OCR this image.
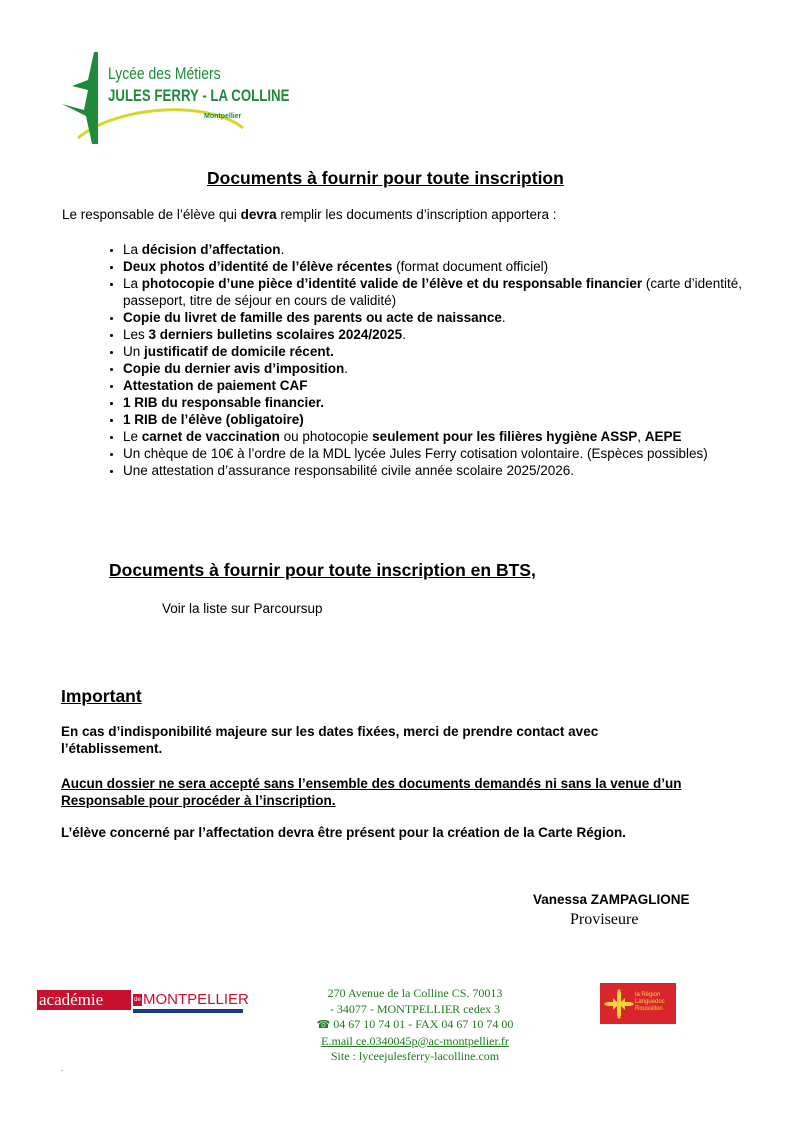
Lycée des Métiers
JULES FERRY - LA COLLINE
Montpellier
Documents à fournir pour toute inscription
Le responsable de l’élève qui devra remplir les documents d’inscription apportera :
• La décision d’affectation.
• Deux photos d’identité de l’élève récentes (format document officiel)
• La photocopie d’une pièce d’identité valide de l’élève et du responsable financier (carte d’identité, passeport, titre de séjour en cours de validité)
• Copie du livret de famille des parents ou acte de naissance.
• Les 3 derniers bulletins scolaires 2024/2025.
• Un justificatif de domicile récent.
• Copie du dernier avis d’imposition.
• Attestation de paiement CAF
• 1 RIB du responsable financier.
• 1 RIB de l’élève (obligatoire)
• Le carnet de vaccination ou photocopie seulement pour les filières hygiène ASSP, AEPE
• Un chèque de 10€ à l’ordre de la MDL lycée Jules Ferry cotisation volontaire. (Espèces possibles)
• Une attestation d’assurance responsabilité civile année scolaire 2025/2026.
Documents à fournir pour toute inscription en BTS,
Voir la liste sur Parcoursup
Important
En cas d’indisponibilité majeure sur les dates fixées, merci de prendre contact avec l’établissement.
Aucun dossier ne sera accepté sans l’ensemble des documents demandés ni sans la venue d’un Responsable pour procéder à l’inscription.
L’élève concerné par l’affectation devra être présent pour la création de la Carte Région.
Vanessa ZAMPAGLIONE
Proviseure
académie	de MONTPELLIER	270 Avenue de la Colline CS. 70013
- 34077 - MONTPELLIER cedex 3
☎ 04 67 10 74 01 - FAX 04 67 10 74 00
E.mail ce.0340045p@ac-montpellier.fr
Site : lyceejulesferry-lacolline.com
la Région
Languedoc
Roussillon
.
